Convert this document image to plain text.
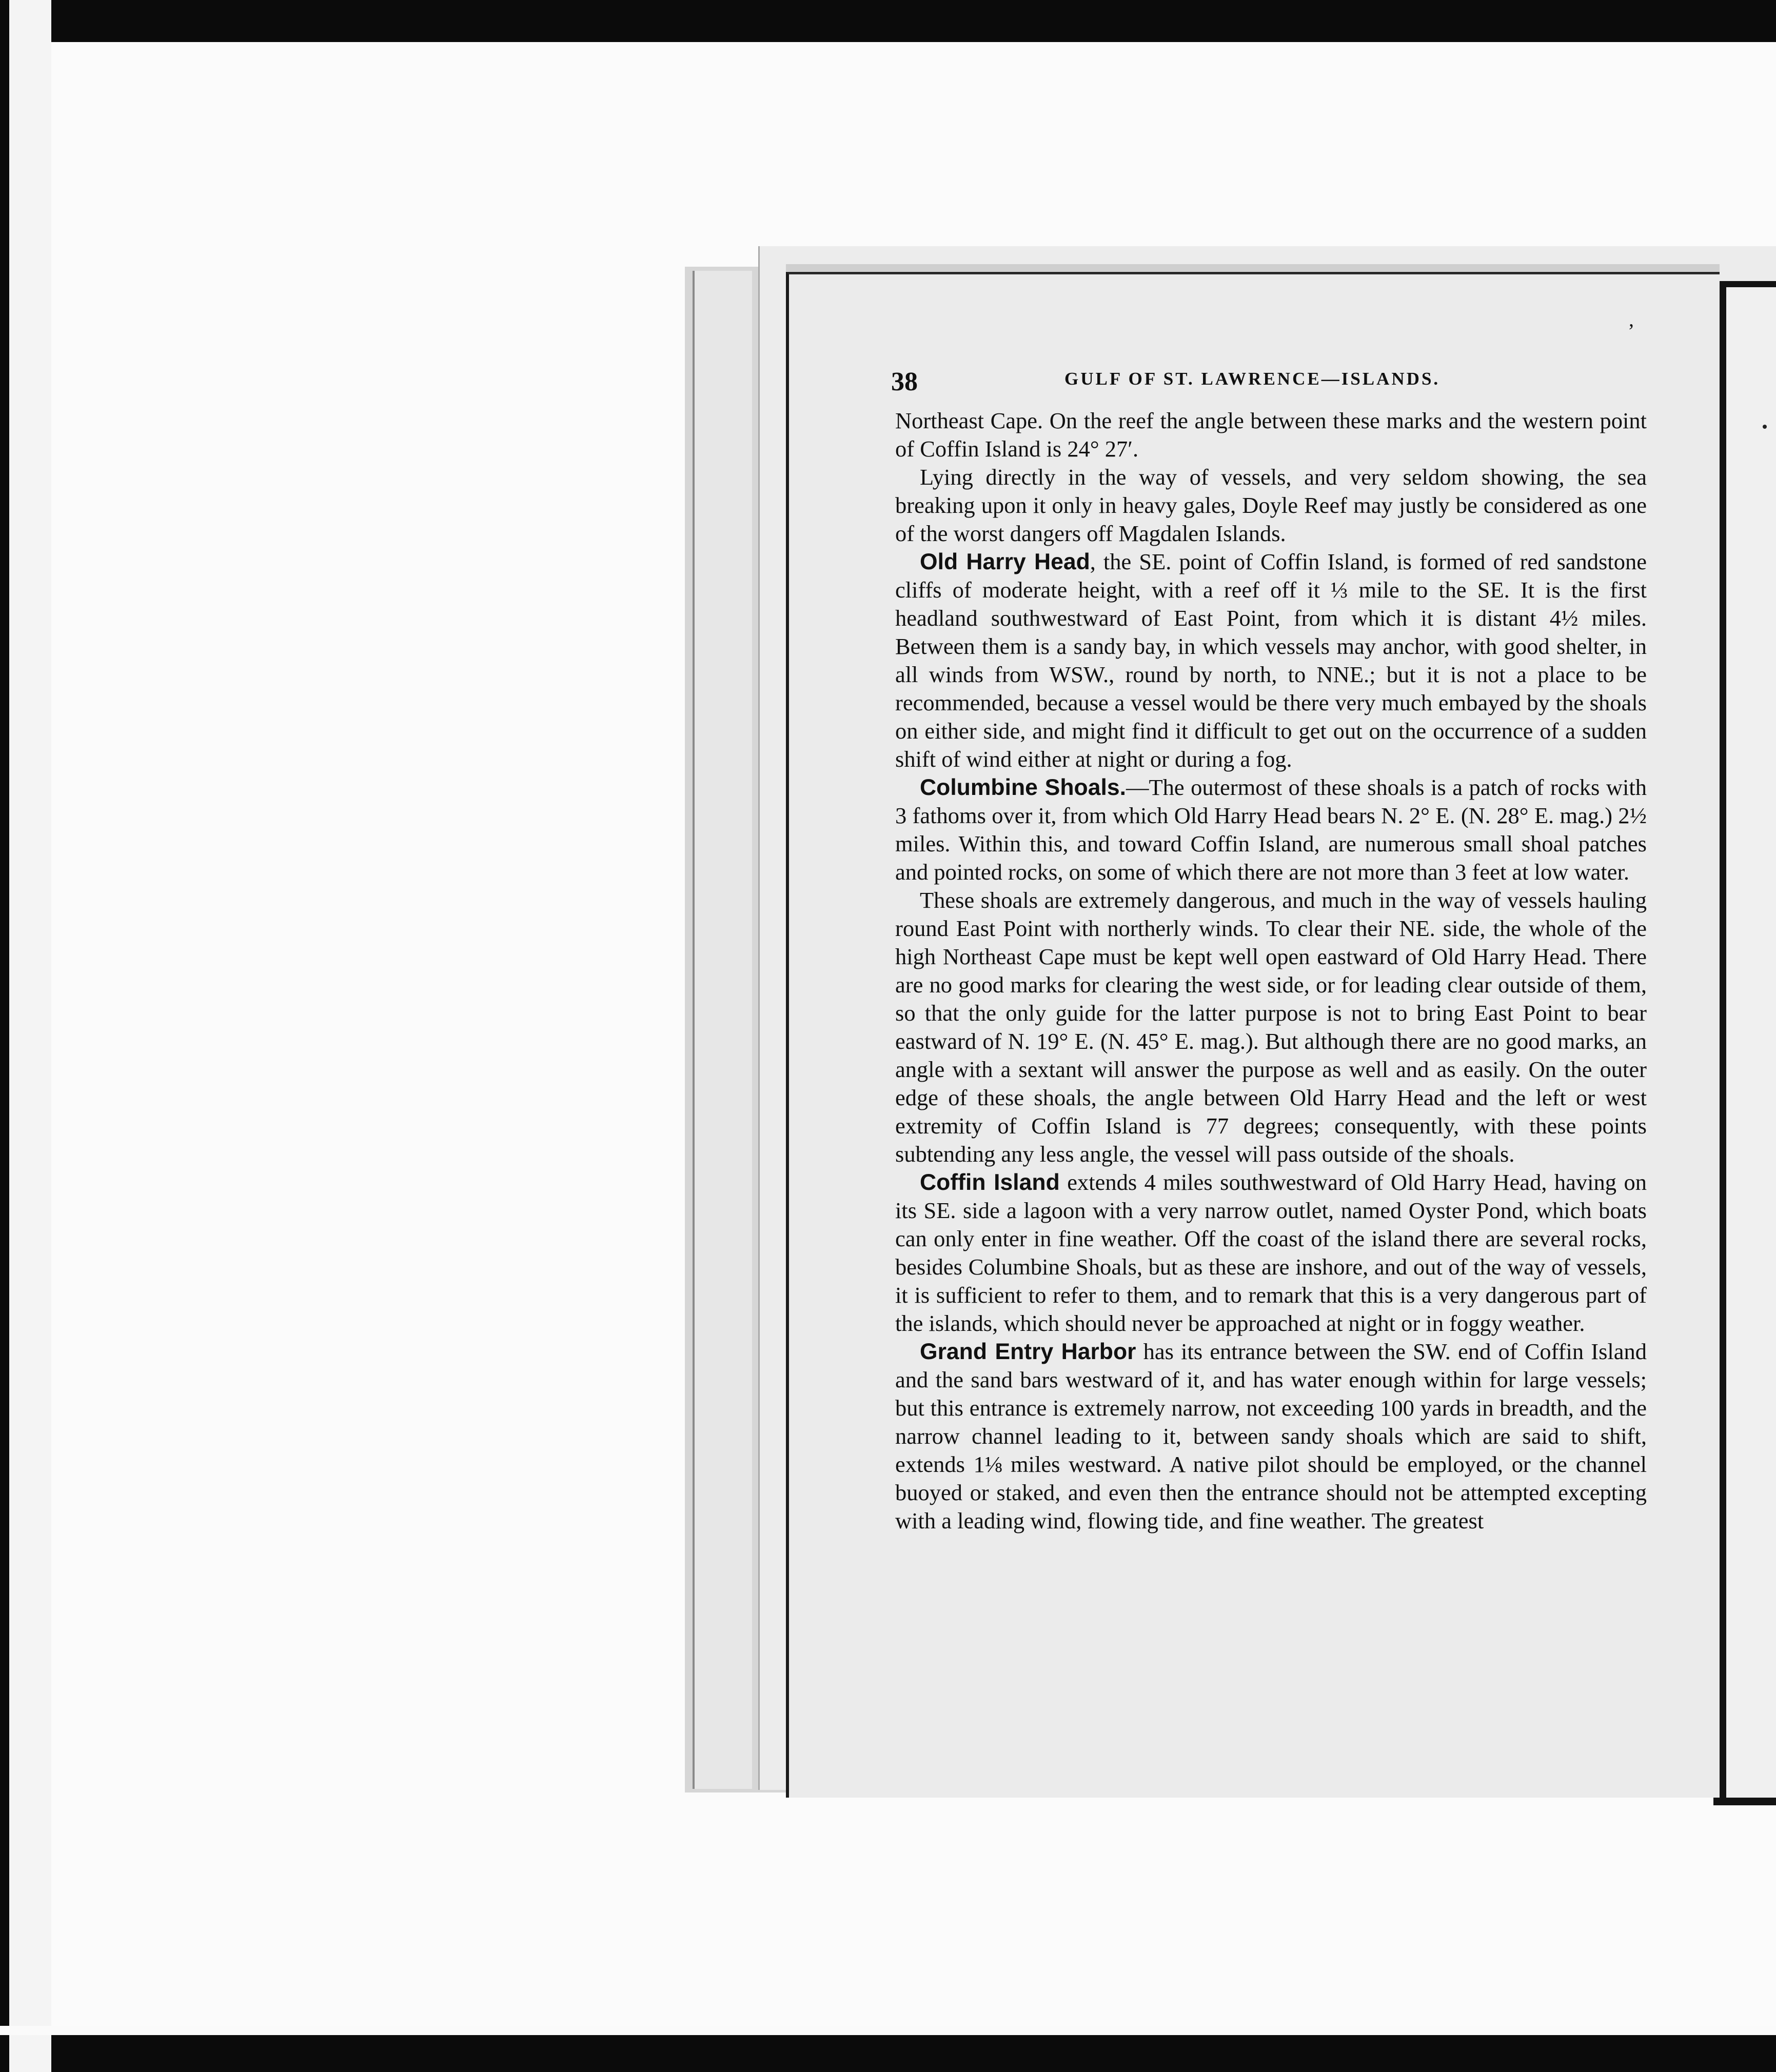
ʼ
38	GULF OF ST. LAWRENCE—ISLANDS.

Northeast Cape. On the reef the angle between these marks and the western point of Coffin Island is 24° 27′.

Lying directly in the way of vessels, and very seldom showing, the sea breaking upon it only in heavy gales, Doyle Reef may justly be considered as one of the worst dangers off Magdalen Islands.

Old Harry Head, the SE. point of Coffin Island, is formed of red sandstone cliffs of moderate height, with a reef off it ⅓ mile to the SE. It is the first headland southwestward of East Point, from which it is distant 4½ miles. Between them is a sandy bay, in which vessels may anchor, with good shelter, in all winds from WSW., round by north, to NNE.; but it is not a place to be recommended, because a vessel would be there very much embayed by the shoals on either side, and might find it difficult to get out on the occurrence of a sudden shift of wind either at night or during a fog.

Columbine Shoals.—The outermost of these shoals is a patch of rocks with 3 fathoms over it, from which Old Harry Head bears N. 2° E. (N. 28° E. mag.) 2½ miles. Within this, and toward Coffin Island, are numerous small shoal patches and pointed rocks, on some of which there are not more than 3 feet at low water.

These shoals are extremely dangerous, and much in the way of vessels hauling round East Point with northerly winds. To clear their NE. side, the whole of the high Northeast Cape must be kept well open eastward of Old Harry Head. There are no good marks for clearing the west side, or for leading clear outside of them, so that the only guide for the latter purpose is not to bring East Point to bear eastward of N. 19° E. (N. 45° E. mag.). But although there are no good marks, an angle with a sextant will answer the purpose as well and as easily. On the outer edge of these shoals, the angle between Old Harry Head and the left or west extremity of Coffin Island is 77 degrees; consequently, with these points subtending any less angle, the vessel will pass outside of the shoals.

Coffin Island extends 4 miles southwestward of Old Harry Head, having on its SE. side a lagoon with a very narrow outlet, named Oyster Pond, which boats can only enter in fine weather. Off the coast of the island there are several rocks, besides Columbine Shoals, but as these are inshore, and out of the way of vessels, it is sufficient to refer to them, and to remark that this is a very dangerous part of the islands, which should never be approached at night or in foggy weather.

Grand Entry Harbor has its entrance between the SW. end of Coffin Island and the sand bars westward of it, and has water enough within for large vessels; but this entrance is extremely narrow, not exceeding 100 yards in breadth, and the narrow channel leading to it, between sandy shoals which are said to shift, extends 1⅛ miles westward. A native pilot should be employed, or the channel buoyed or staked, and even then the entrance should not be attempted excepting with a leading wind, flowing tide, and fine weather. The greatest
